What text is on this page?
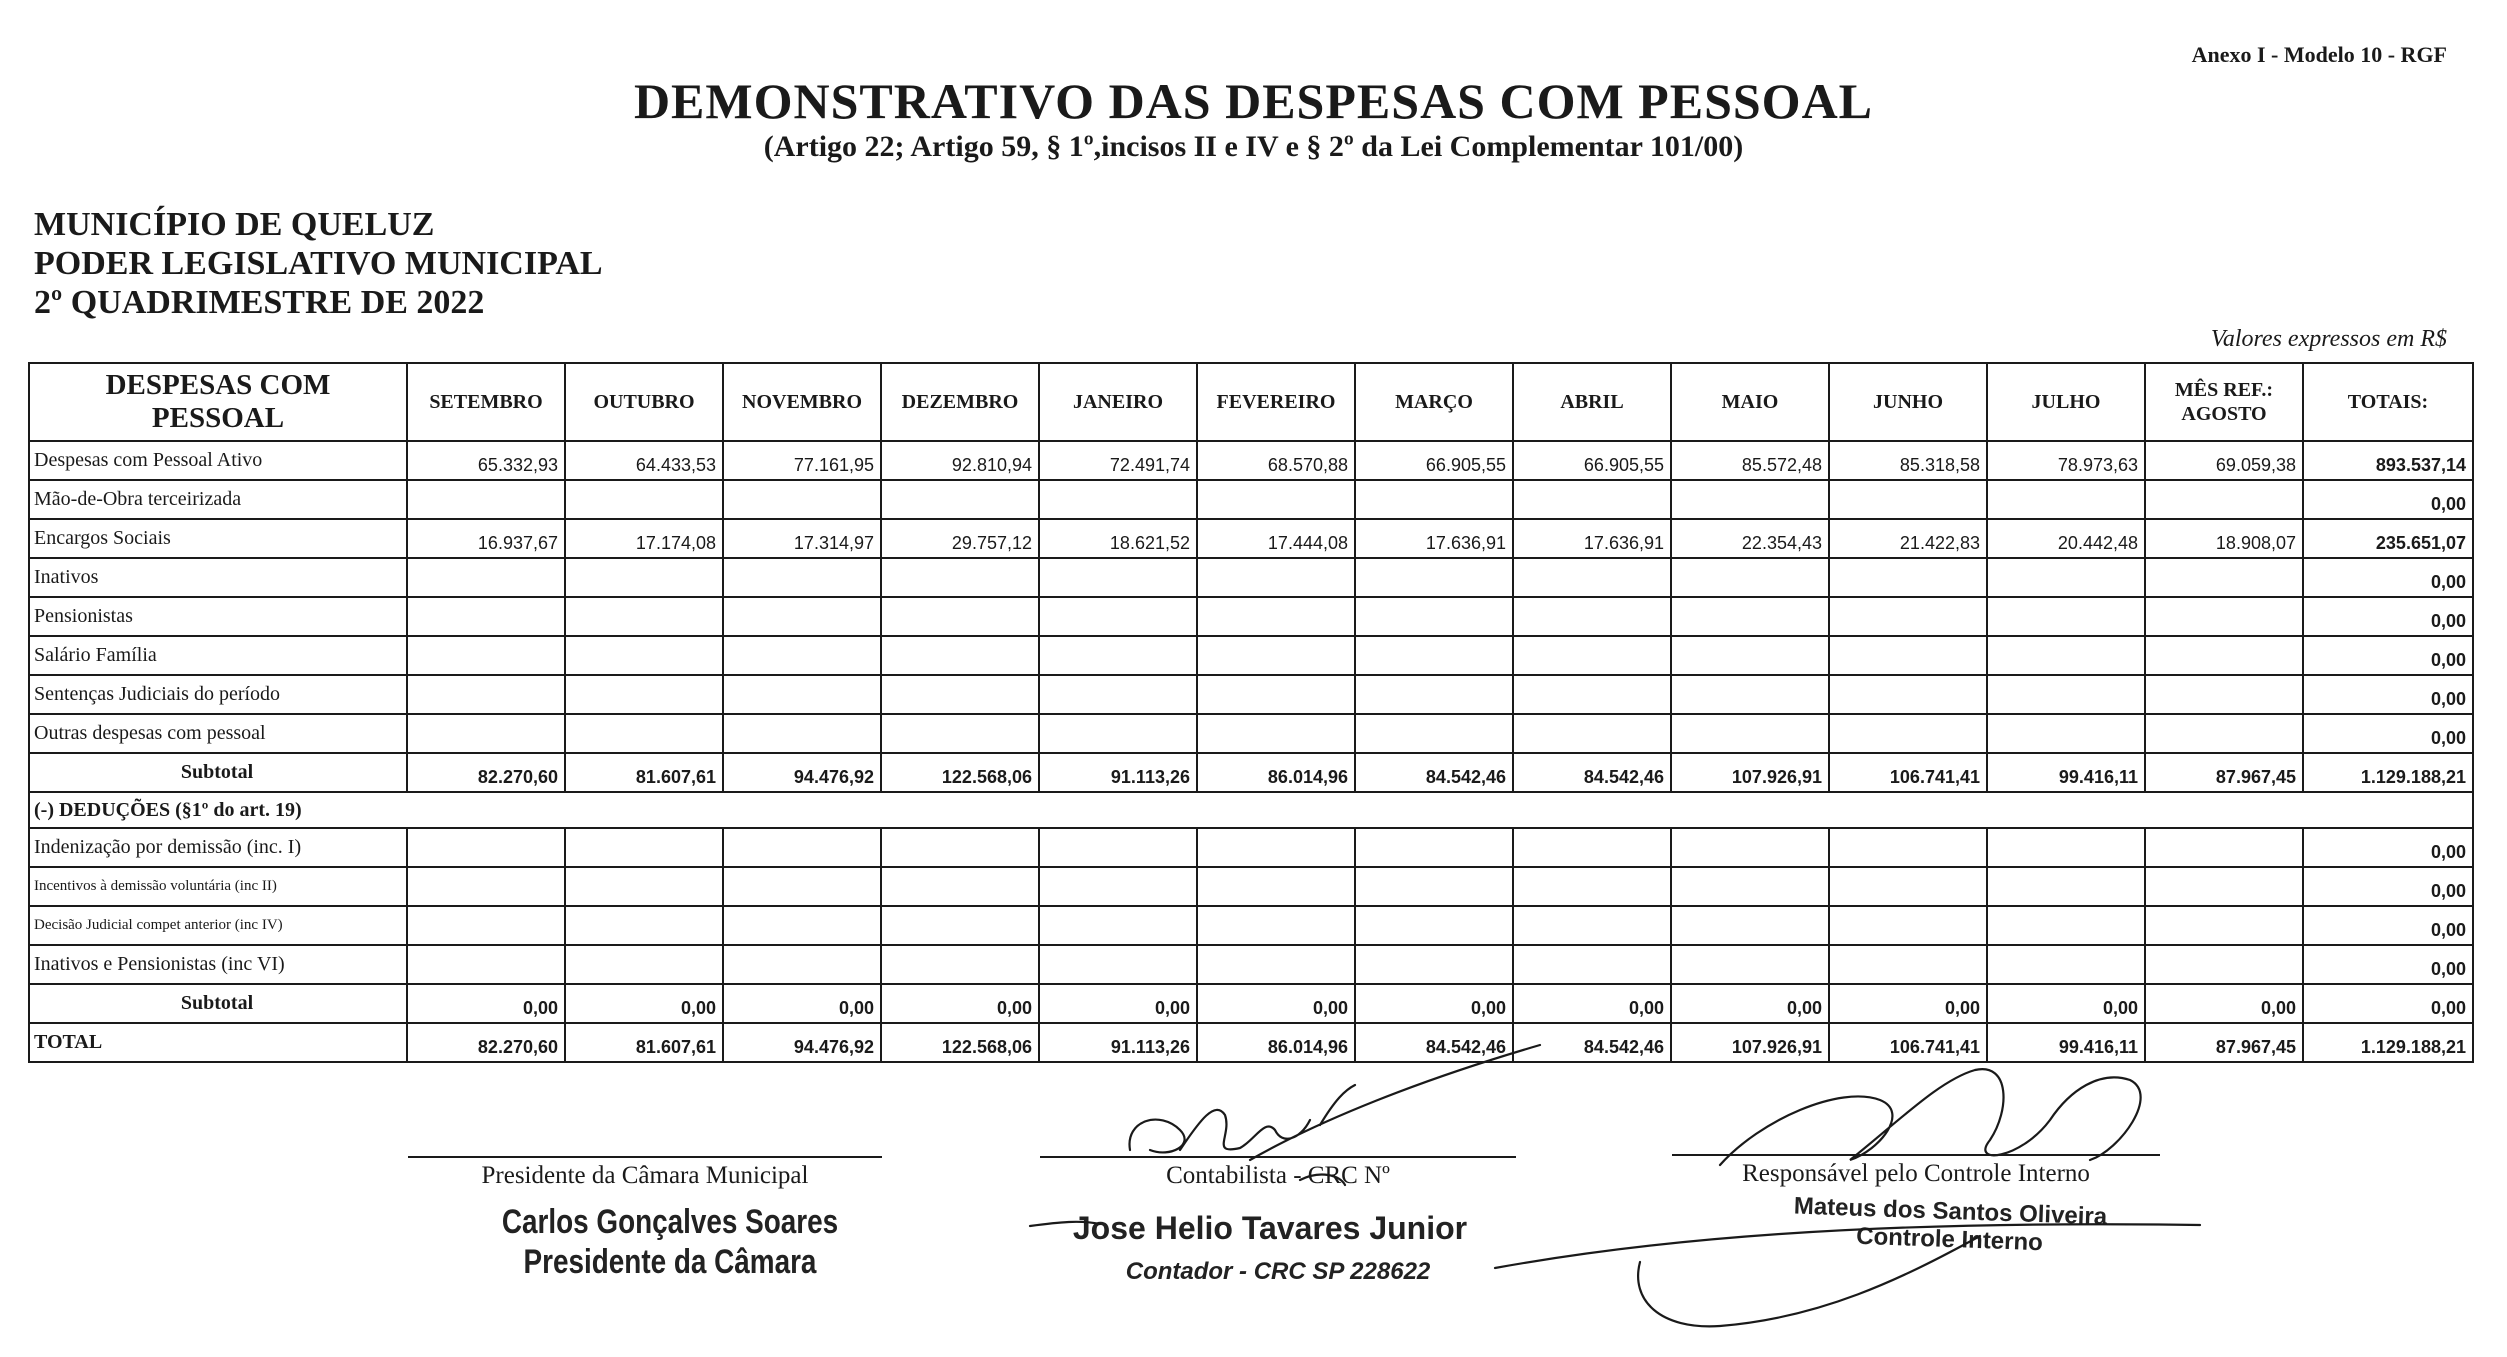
Anexo I - Modelo 10 - RGF
DEMONSTRATIVO DAS DESPESAS COM PESSOAL
(Artigo 22; Artigo 59, § 1º,incisos II e IV e § 2º da Lei Complementar 101/00)
MUNICÍPIO DE QUELUZ
PODER LEGISLATIVO MUNICIPAL
2º QUADRIMESTRE DE 2022
Valores expressos em R$
DESPESAS COM PESSOAL	SETEMBRO	OUTUBRO	NOVEMBRO	DEZEMBRO	JANEIRO	FEVEREIRO	MARÇO	ABRIL	MAIO	JUNHO	JULHO	MÊS REF.: AGOSTO	TOTAIS:
Despesas com Pessoal Ativo	65.332,93	64.433,53	77.161,95	92.810,94	72.491,74	68.570,88	66.905,55	66.905,55	85.572,48	85.318,58	78.973,63	69.059,38	893.537,14
Mão-de-Obra terceirizada													0,00
Encargos Sociais	16.937,67	17.174,08	17.314,97	29.757,12	18.621,52	17.444,08	17.636,91	17.636,91	22.354,43	21.422,83	20.442,48	18.908,07	235.651,07
Inativos													0,00
Pensionistas													0,00
Salário Família													0,00
Sentenças Judiciais do período													0,00
Outras despesas com pessoal													0,00
Subtotal	82.270,60	81.607,61	94.476,92	122.568,06	91.113,26	86.014,96	84.542,46	84.542,46	107.926,91	106.741,41	99.416,11	87.967,45	1.129.188,21
(-) DEDUÇÕES (§1º do art. 19)													
Indenização por demissão (inc. I)													0,00
Incentivos à demissão voluntária (inc II)													0,00
Decisão Judicial compet anterior (inc IV)													0,00
Inativos e Pensionistas (inc VI)													0,00
Subtotal	0,00	0,00	0,00	0,00	0,00	0,00	0,00	0,00	0,00	0,00	0,00	0,00	0,00
TOTAL	82.270,60	81.607,61	94.476,92	122.568,06	91.113,26	86.014,96	84.542,46	84.542,46	107.926,91	106.741,41	99.416,11	87.967,45	1.129.188,21
Presidente da Câmara Municipal
Carlos Gonçalves Soares
Presidente da Câmara
Contabilista - CRC Nº
Jose Helio Tavares Junior
Contador - CRC SP 228622
Responsável pelo Controle Interno
Mateus dos Santos Oliveira
Controle Interno
